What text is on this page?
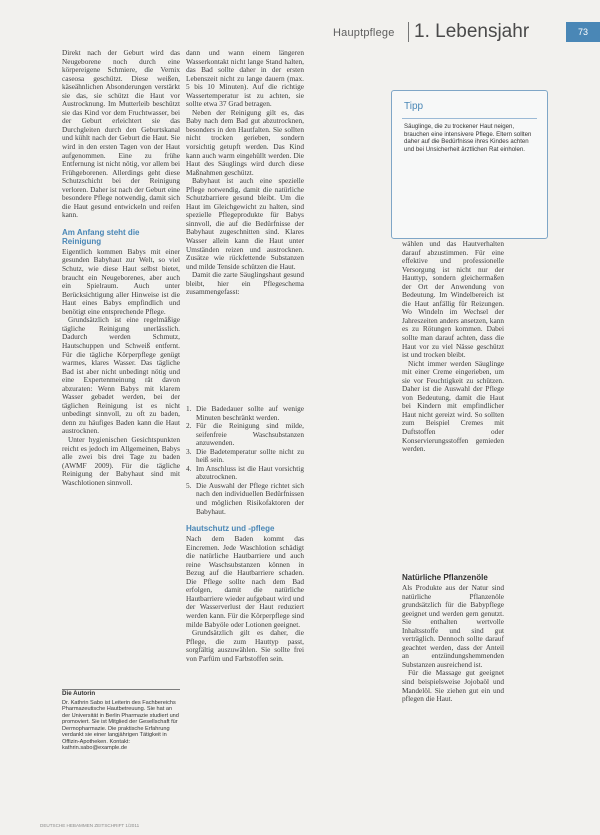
Hauptpflege 1. Lebensjahr	73

Direkt nach der Geburt wird das Neugeborene noch durch eine körpereigene Schmiere, die Vernix caseosa geschützt. Diese weißen, käseähnlichen Absonderungen verstärkt sie das, sie schützt die Haut vor Austrocknung. Im Mutterleib beschützt sie das Kind vor dem Fruchtwasser, bei der Geburt erleichtert sie das Durchgleiten durch den Geburtskanal und kühlt nach der Geburt die Haut. Sie wird in den ersten Tagen von der Haut aufgenommen. Eine zu frühe Entfernung ist nicht nötig, vor allem bei Frühgeborenen. Allerdings geht diese Schutzschicht bei der Reinigung verloren. Daher ist nach der Geburt eine besondere Pflege notwendig, damit sich die Haut gesund entwickeln und reifen kann.

Am Anfang steht die Reinigung

Eigentlich kommen Babys mit einer gesunden Babyhaut zur Welt, so viel Schutz, wie diese Haut selbst bietet, braucht ein Neugeborenes, aber auch ein Spielraum. Auch unter Berücksichtigung aller Hinweise ist die Haut eines Babys empfindlich und benötigt eine entsprechende Pflege.

Grundsätzlich ist eine regelmäßige tägliche Reinigung unerlässlich. Dadurch werden Schmutz, Hautschuppen und Schweiß entfernt. Für die tägliche Körperpflege genügt warmes, klares Wasser. Das tägliche Bad ist aber nicht unbedingt nötig und eine Expertenmeinung rät davon abzuraten: Wenn Babys mit klarem Wasser gebadet werden, bei der täglichen Reinigung ist es nicht unbedingt sinnvoll, zu oft zu baden, denn zu häufiges Baden kann die Haut austrocknen.

Unter hygienischen Gesichtspunkten reicht es jedoch im Allgemeinen, Babys alle zwei bis drei Tage zu baden (AWMF 2009). Für die tägliche Reinigung der Babyhaut sind mit Waschlotionen sinnvoll.

dann und wann einem längeren Wasserkontakt nicht lange Stand halten, das Bad sollte daher in der ersten Lebenszeit nicht zu lange dauern (max. 5 bis 10 Minuten). Auf die richtige Wassertemperatur ist zu achten, sie sollte etwa 37 Grad betragen.

Neben der Reinigung gilt es, das Baby nach dem Bad gut abzutrocknen, besonders in den Hautfalten. Sie sollten nicht trocken gerieben, sondern vorsichtig getupft werden. Das Kind kann auch warm eingehüllt werden. Die Haut des Säuglings wird durch diese Maßnahmen geschützt.

Babyhaut ist auch eine spezielle Pflege notwendig, damit die natürliche Schutzbarriere gesund bleibt. Um die Haut im Gleichgewicht zu halten, sind spezielle Pflegeprodukte für Babys sinnvoll, die auf die Bedürfnisse der Babyhaut zugeschnitten sind. Klares Wasser allein kann die Haut unter Umständen reizen und austrocknen. Zusätze wie rückfettende Substanzen und milde Tenside schützen die Haut.

Damit die zarte Säuglingshaut gesund bleibt, hier ein Pflegeschema zusammengefasst:

1. Die Badedauer sollte auf wenige Minuten beschränkt werden.
2. Für die Reinigung sind milde, seifenfreie Waschsubstanzen anzuwenden.
3. Die Badetemperatur sollte nicht zu heiß sein.
4. Im Anschluss ist die Haut vorsichtig abzutrocknen.
5. Die Auswahl der Pflege richtet sich nach den individuellen Bedürfnissen und möglichen Risikofaktoren der Babyhaut.
Hautschutz und -pflege

Nach dem Baden kommt das Eincremen. Jede Waschlotion schädigt die natürliche Hautbarriere und auch reine Waschsubstanzen können in Bezug auf die Hautbarriere schaden. Die Pflege sollte nach dem Bad erfolgen, damit die natürliche Hautbarriere wieder aufgebaut wird und der Wasserverlust der Haut reduziert werden kann. Für die Körperpflege sind milde Babyöle oder Lotionen geeignet.

Grundsätzlich gilt es daher, die Pflege, die zum Hauttyp passt, sorgfältig auszuwählen. Sie sollte frei von Parfüm und Farbstoffen sein.

Tipp
Säuglinge, die zu trockener Haut neigen, brauchen eine intensivere Pflege. Eltern sollten daher auf die Bedürfnisse ihres Kindes achten und bei Unsicherheit ärztlichen Rat einholen.

wählen und das Hautverhalten darauf abzustimmen. Für eine effektive und professionelle Versorgung ist nicht nur der Hauttyp, sondern gleichermaßen der Ort der Anwendung von Bedeutung. Im Windelbereich ist die Haut anfällig für Reizungen. Wo Windeln im Wechsel der Jahreszeiten anders ansetzen, kann es zu Rötungen kommen. Dabei sollte man darauf achten, dass die Haut vor zu viel Nässe geschützt ist und trocken bleibt.

Nicht immer werden Säuglinge mit einer Creme eingerieben, um sie vor Feuchtigkeit zu schützen. Daher ist die Auswahl der Pflege von Bedeutung, damit die Haut bei Kindern mit empfindlicher Haut nicht gereizt wird. So sollten zum Beispiel Cremes mit Duftstoffen oder Konservierungsstoffen gemieden werden.

Natürliche Pflanzenöle

Als Produkte aus der Natur sind natürliche Pflanzenöle grundsätzlich für die Babypflege geeignet und werden gern genutzt. Sie enthalten wertvolle Inhaltsstoffe und sind gut verträglich. Dennoch sollte darauf geachtet werden, dass der Anteil an entzündungshemmenden Substanzen ausreichend ist.

Für die Massage gut geeignet sind beispielsweise Jojobaöl und Mandelöl. Sie ziehen gut ein und pflegen die Haut.

Die Autorin
Dr. Kathrin Sabo ist Leiterin des Fachbereichs Pharmazeutische Hautbetreuung. Sie hat an der Universität in Berlin Pharmazie studiert und promoviert. Sie ist Mitglied der Gesellschaft für Dermopharmazie. Die praktische Erfahrung verdankt sie einer langjährigen Tätigkeit in Offizin-Apotheken. Kontakt: kathrin.sabo@example.de
DEUTSCHE HEBAMMEN ZEITSCHRIFT 1/2011
